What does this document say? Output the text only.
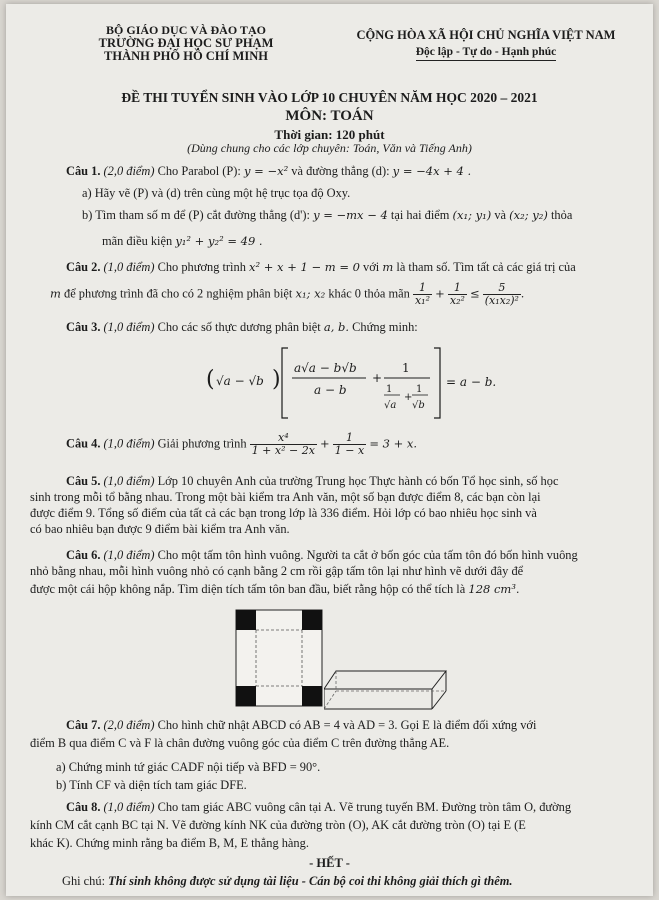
BỘ GIÁO DỤC VÀ ĐÀO TẠO
TRƯỜNG ĐẠI HỌC SƯ PHẠM
THÀNH PHỐ HỒ CHÍ MINH
CỘNG HÒA XÃ HỘI CHỦ NGHĨA VIỆT NAM
Độc lập - Tự do - Hạnh phúc
ĐỀ THI TUYỂN SINH VÀO LỚP 10 CHUYÊN NĂM HỌC 2020 – 2021
MÔN: TOÁN
Thời gian: 120 phút
(Dùng chung cho các lớp chuyên: Toán, Văn và Tiếng Anh)
Câu 1. (2,0 điểm) Cho Parabol (P): y = −x² và đường thẳng (d): y = −4x + 4 .
a) Hãy vẽ (P) và (d) trên cùng một hệ trục tọa độ Oxy.
b) Tìm tham số m để (P) cắt đường thẳng (d'): y = −mx − 4 tại hai điểm (x₁; y₁) và (x₂; y₂) thỏa
mãn điều kiện y₁² + y₂² = 49 .
Câu 2. (1,0 điểm) Cho phương trình x² + x + 1 − m = 0 với m là tham số. Tìm tất cả các giá trị của
m để phương trình đã cho có 2 nghiệm phân biệt x₁; x₂ khác 0 thỏa mãn $\frac{1}{\text{x₁²}} + \frac{1}{\text{x₂²}} \le \frac{5}{\text{(x₁x₂)²}}$ .
Câu 3. (1,0 điểm) Cho các số thực dương phân biệt a, b. Chứng minh:
( √a − √b ) a√a − b√b
a − b
+
1
1
√a
+
1
√b
= a − b.
Câu 4. (1,0 điểm) Giải phương trình $\frac{\text{x⁴}}{\text{1 + x² − 2x}} + \frac{1}{1 - x} = 3 + x$.
Câu 5. (1,0 điểm) Lớp 10 chuyên Anh của trường Trung học Thực hành có bốn Tổ học sinh, số học
sinh trong mỗi tổ bằng nhau. Trong một bài kiểm tra Anh văn, một số bạn được điểm 8, các bạn còn lại
được điểm 9. Tổng số điểm của tất cả các bạn trong lớp là 336 điểm. Hỏi lớp có bao nhiêu học sinh và
có bao nhiêu bạn được 9 điểm bài kiểm tra Anh văn.
Câu 6. (1,0 điểm) Cho một tấm tôn hình vuông. Người ta cắt ở bốn góc của tấm tôn đó bốn hình vuông
nhỏ bằng nhau, mỗi hình vuông nhỏ có cạnh bằng 2 cm rồi gập tấm tôn lại như hình vẽ dưới đây để
được một cái hộp không nắp. Tìm diện tích tấm tôn ban đầu, biết rằng hộp có thể tích là 128 cm³.
Câu 7. (2,0 điểm) Cho hình chữ nhật ABCD có AB = 4 và AD = 3. Gọi E là điểm đối xứng với
điểm B qua điểm C và F là chân đường vuông góc của điểm C trên đường thẳng AE.
a) Chứng minh tứ giác CADF nội tiếp và BFD = 90°.
b) Tính CF và diện tích tam giác DFE.
Câu 8. (1,0 điểm) Cho tam giác ABC vuông cân tại A. Vẽ trung tuyến BM. Đường tròn tâm O, đường
kính CM cắt cạnh BC tại N. Vẽ đường kính NK của đường tròn (O), AK cắt đường tròn (O) tại E (E
khác K). Chứng minh rằng ba điểm B, M, E thẳng hàng.
- HẾT -
Ghi chú: Thí sinh không được sử dụng tài liệu - Cán bộ coi thi không giải thích gì thêm.
